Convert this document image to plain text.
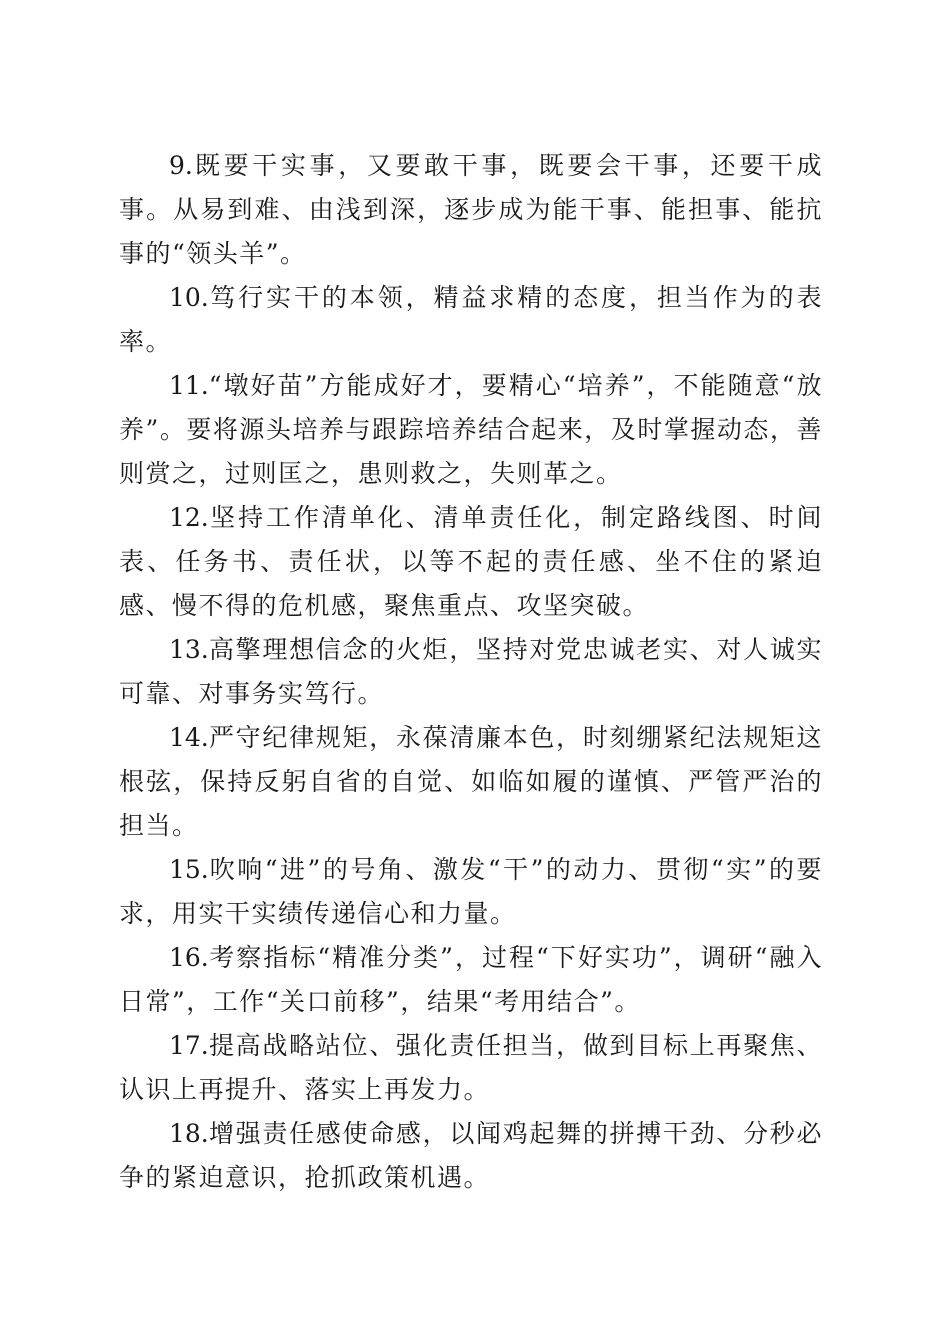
9.既要干实事，又要敢干事，既要会干事，还要干成事。从易到难、由浅到深，逐步成为能干事、能担事、能抗事的“领头羊”。

10.笃行实干的本领，精益求精的态度，担当作为的表率。

11.“墩好苗”方能成好才，要精心“培养”，不能随意“放养”。要将源头培养与跟踪培养结合起来，及时掌握动态，善则赏之，过则匡之，患则救之，失则革之。

12.坚持工作清单化、清单责任化，制定路线图、时间表、任务书、责任状，以等不起的责任感、坐不住的紧迫感、慢不得的危机感，聚焦重点、攻坚突破。

13.高擎理想信念的火炬，坚持对党忠诚老实、对人诚实可靠、对事务实笃行。

14.严守纪律规矩，永葆清廉本色，时刻绷紧纪法规矩这根弦，保持反躬自省的自觉、如临如履的谨慎、严管严治的担当。

15.吹响“进”的号角、激发“干”的动力、贯彻“实”的要求，用实干实绩传递信心和力量。

16.考察指标“精准分类”，过程“下好实功”，调研“融入日常”，工作“关口前移”，结果“考用结合”。

17.提高战略站位、强化责任担当，做到目标上再聚焦、认识上再提升、落实上再发力。

18.增强责任感使命感，以闻鸡起舞的拼搏干劲、分秒必争的紧迫意识，抢抓政策机遇。
